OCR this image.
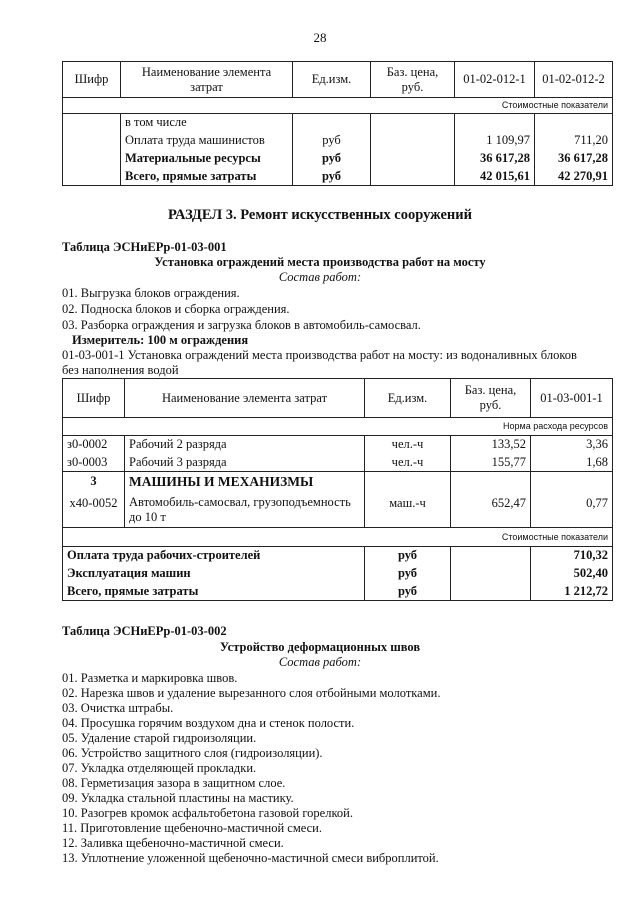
28
Шифр	Наименование элемента затрат	Ед.изм.	Баз. цена, руб.	01-02-012-1	01-02-012-2
Стоимостные показатели					
	в том числе				
	Оплата труда машинистов	руб		1 109,97	711,20
	Материальные ресурсы	руб		36 617,28	36 617,28
	Всего, прямые затраты	руб		42 015,61	42 270,91
РАЗДЕЛ 3. Ремонт искусственных сооружений
Таблица ЭСНиЕРр-01-03-001
Установка ограждений места производства работ на мосту
Состав работ:
01. Выгрузка блоков ограждения.
02. Подноска блоков и сборка ограждения.
03. Разборка ограждения и загрузка блоков в автомобиль-самосвал.
Измеритель: 100 м ограждения
01-03-001-1 Установка ограждений места производства работ на мосту: из водоналивных блоков
без наполнения водой
Шифр	Наименование элемента затрат	Ед.изм.	Баз. цена, руб.	01-03-001-1
Норма расхода ресурсов				
з0-0002	Рабочий 2 разряда	чел.-ч	133,52	3,36
з0-0003	Рабочий 3 разряда	чел.-ч	155,77	1,68
3	МАШИНЫ И МЕХАНИЗМЫ			
х40-0052	Автомобиль-самосвал, грузоподъемность
до 10 т	маш.-ч	652,47	0,77
Стоимостные показатели				
Оплата труда рабочих-строителей		руб		710,32
Эксплуатация машин		руб		502,40
Всего, прямые затраты		руб		1 212,72
Таблица ЭСНиЕРр-01-03-002
Устройство деформационных швов
Состав работ:
01. Разметка и маркировка швов.
02. Нарезка швов и удаление вырезанного слоя отбойными молотками.
03. Очистка штрабы.
04. Просушка горячим воздухом дна и стенок полости.
05. Удаление старой гидроизоляции.
06. Устройство защитного слоя (гидроизоляции).
07. Укладка отделяющей прокладки.
08. Герметизация зазора в защитном слое.
09. Укладка стальной пластины на мастику.
10. Разогрев кромок асфальтобетона газовой горелкой.
11. Приготовление щебеночно-мастичной смеси.
12. Заливка щебеночно-мастичной смеси.
13. Уплотнение уложенной щебеночно-мастичной смеси виброплитой.
